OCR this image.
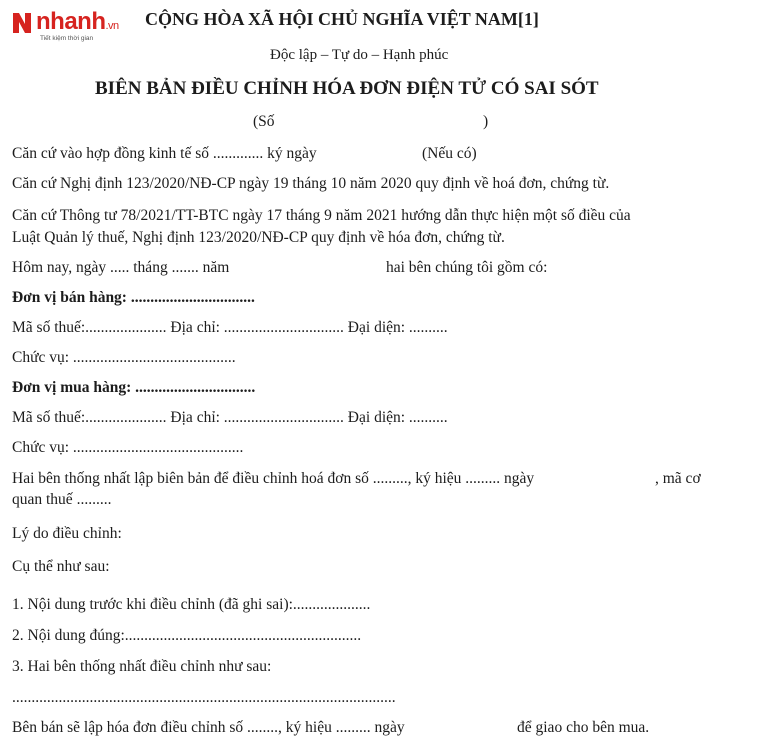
nhanh.vn
Tiết kiệm thời gian
CỘNG HÒA XÃ HỘI CHỦ NGHĨA VIỆT NAM[1]
Độc lập – Tự do – Hạnh phúc
BIÊN BẢN ĐIỀU CHỈNH HÓA ĐƠN ĐIỆN TỬ CÓ SAI SÓT
(Số	)
Căn cứ vào hợp đồng kinh tế số ............. ký ngày	(Nếu có)
Căn cứ Nghị định 123/2020/NĐ-CP ngày 19 tháng 10 năm 2020 quy định về hoá đơn, chứng từ.
Căn cứ Thông tư 78/2021/TT-BTC ngày 17 tháng 9 năm 2021 hướng dẫn thực hiện một số điều của
Luật Quản lý thuế, Nghị định 123/2020/NĐ-CP quy định về hóa đơn, chứng từ.
Hôm nay, ngày ..... tháng ....... năm	hai bên chúng tôi gồm có:
Đơn vị bán hàng: ................................
Mã số thuế:..................... Địa chỉ: ............................... Đại diện: ..........
Chức vụ: ..........................................
Đơn vị mua hàng: ...............................
Mã số thuế:..................... Địa chỉ: ............................... Đại diện: ..........
Chức vụ: ............................................
Hai bên thống nhất lập biên bản để điều chỉnh hoá đơn số ........., ký hiệu ......... ngày	, mã cơ
quan thuế .........
Lý do điều chỉnh:
Cụ thể như sau:
1. Nội dung trước khi điều chỉnh (đã ghi sai):....................
2. Nội dung đúng:.............................................................
3. Hai bên thống nhất điều chỉnh như sau:
...................................................................................................
Bên bán sẽ lập hóa đơn điều chỉnh số ........, ký hiệu ......... ngày	để giao cho bên mua.
